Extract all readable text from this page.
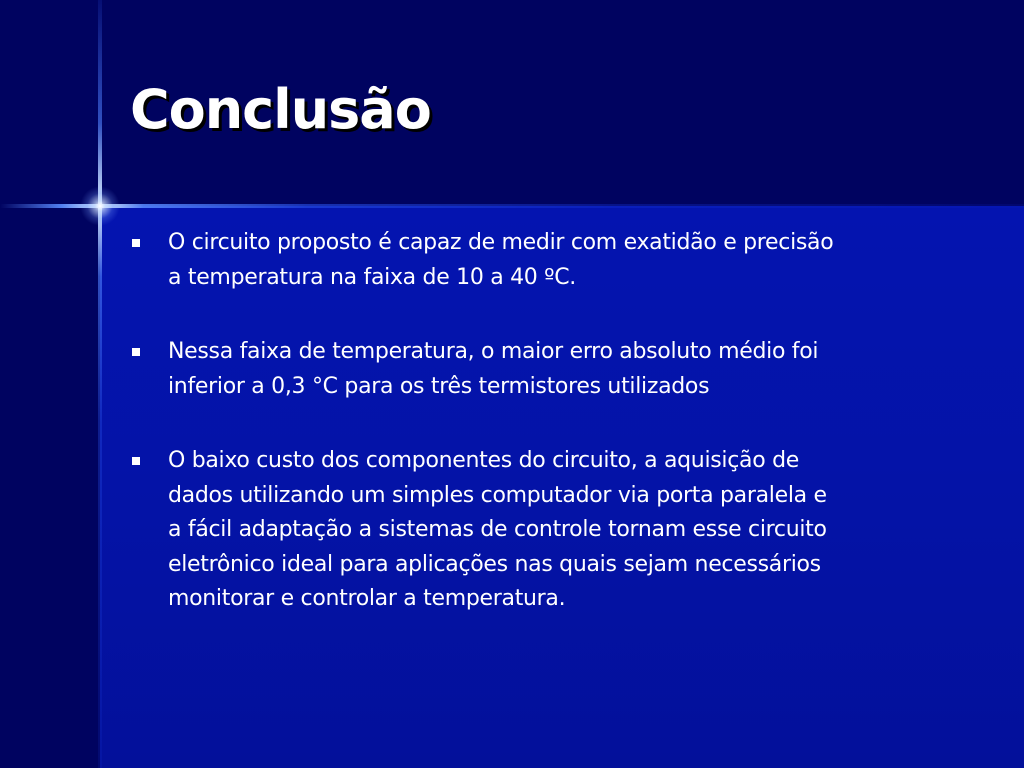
Conclusão
O circuito proposto é capaz de medir com exatidão e precisão
a temperatura na faixa de 10 a 40 ºC.
Nessa faixa de temperatura, o maior erro absoluto médio foi
inferior a 0,3 °C para os três termistores utilizados
O baixo custo dos componentes do circuito, a aquisição de
dados utilizando um simples computador via porta paralela e
a fácil adaptação a sistemas de controle tornam esse circuito
eletrônico ideal para aplicações nas quais sejam necessários
monitorar e controlar a temperatura.
